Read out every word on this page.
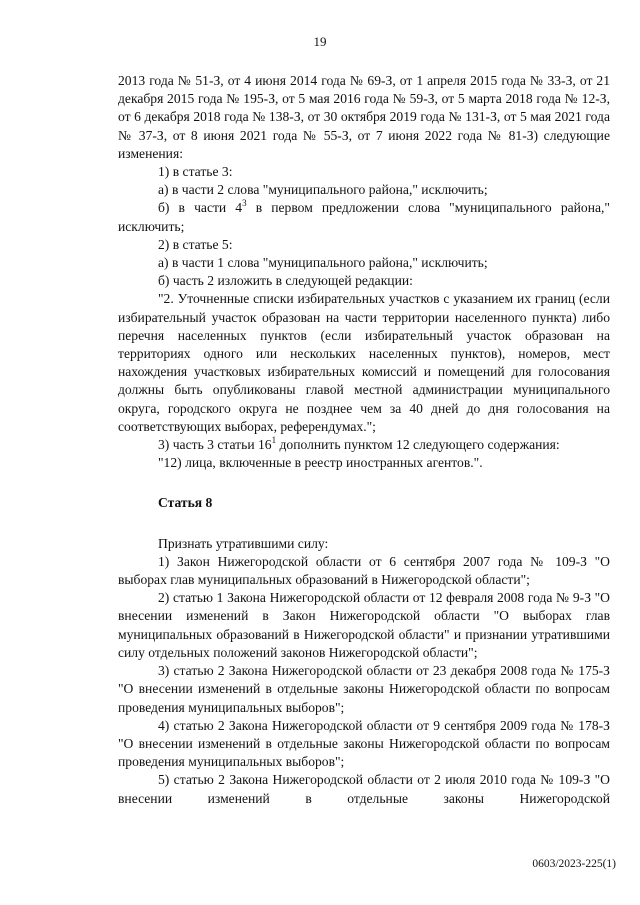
19

2013 года № 51-З, от 4 июня 2014 года № 69-З, от 1 апреля 2015 года № 33-З, от 21 декабря 2015 года № 195-З, от 5 мая 2016 года № 59-З, от 5 марта 2018 года № 12-З, от 6 декабря 2018 года № 138-З, от 30 октября 2019 года № 131-З, от 5 мая 2021 года № 37-З, от 8 июня 2021 года № 55-З, от 7 июня 2022 года № 81-З) следующие изменения:

1) в статье 3:

а) в части 2 слова "муниципального района," исключить;

б) в части $4^3$ в первом предложении слова "муниципального района," исключить;

2) в статье 5:

а) в части 1 слова "муниципального района," исключить;

б) часть 2 изложить в следующей редакции:

"2. Уточненные списки избирательных участков с указанием их границ (если избирательный участок образован на части территории населенного пункта) либо перечня населенных пунктов (если избирательный участок образован на территориях одного или нескольких населенных пунктов), номеров, мест нахождения участковых избирательных комиссий и помещений для голосования должны быть опубликованы главой местной администрации муниципального округа, городского округа не позднее чем за 40 дней до дня голосования на соответствующих выборах, референдумах.";

3) часть 3 статьи $16^1$ дополнить пунктом 12 следующего содержания:

"12) лица, включенные в реестр иностранных агентов.".

Статья 8

Признать утратившими силу:

1) Закон Нижегородской области от 6 сентября 2007 года № 109-З "О выборах глав муниципальных образований в Нижегородской области";

2) статью 1 Закона Нижегородской области от 12 февраля 2008 года № 9-З "О внесении изменений в Закон Нижегородской области "О выборах глав муниципальных образований в Нижегородской области" и признании утратившими силу отдельных положений законов Нижегородской области";

3) статью 2 Закона Нижегородской области от 23 декабря 2008 года № 175-З "О внесении изменений в отдельные законы Нижегородской области по вопросам проведения муниципальных выборов";

4) статью 2 Закона Нижегородской области от 9 сентября 2009 года № 178-З "О внесении изменений в отдельные законы Нижегородской области по вопросам проведения муниципальных выборов";

5) статью 2 Закона Нижегородской области от 2 июля 2010 года № 109-З "О внесении изменений в отдельные законы Нижегородской

0603/2023-225(1)
